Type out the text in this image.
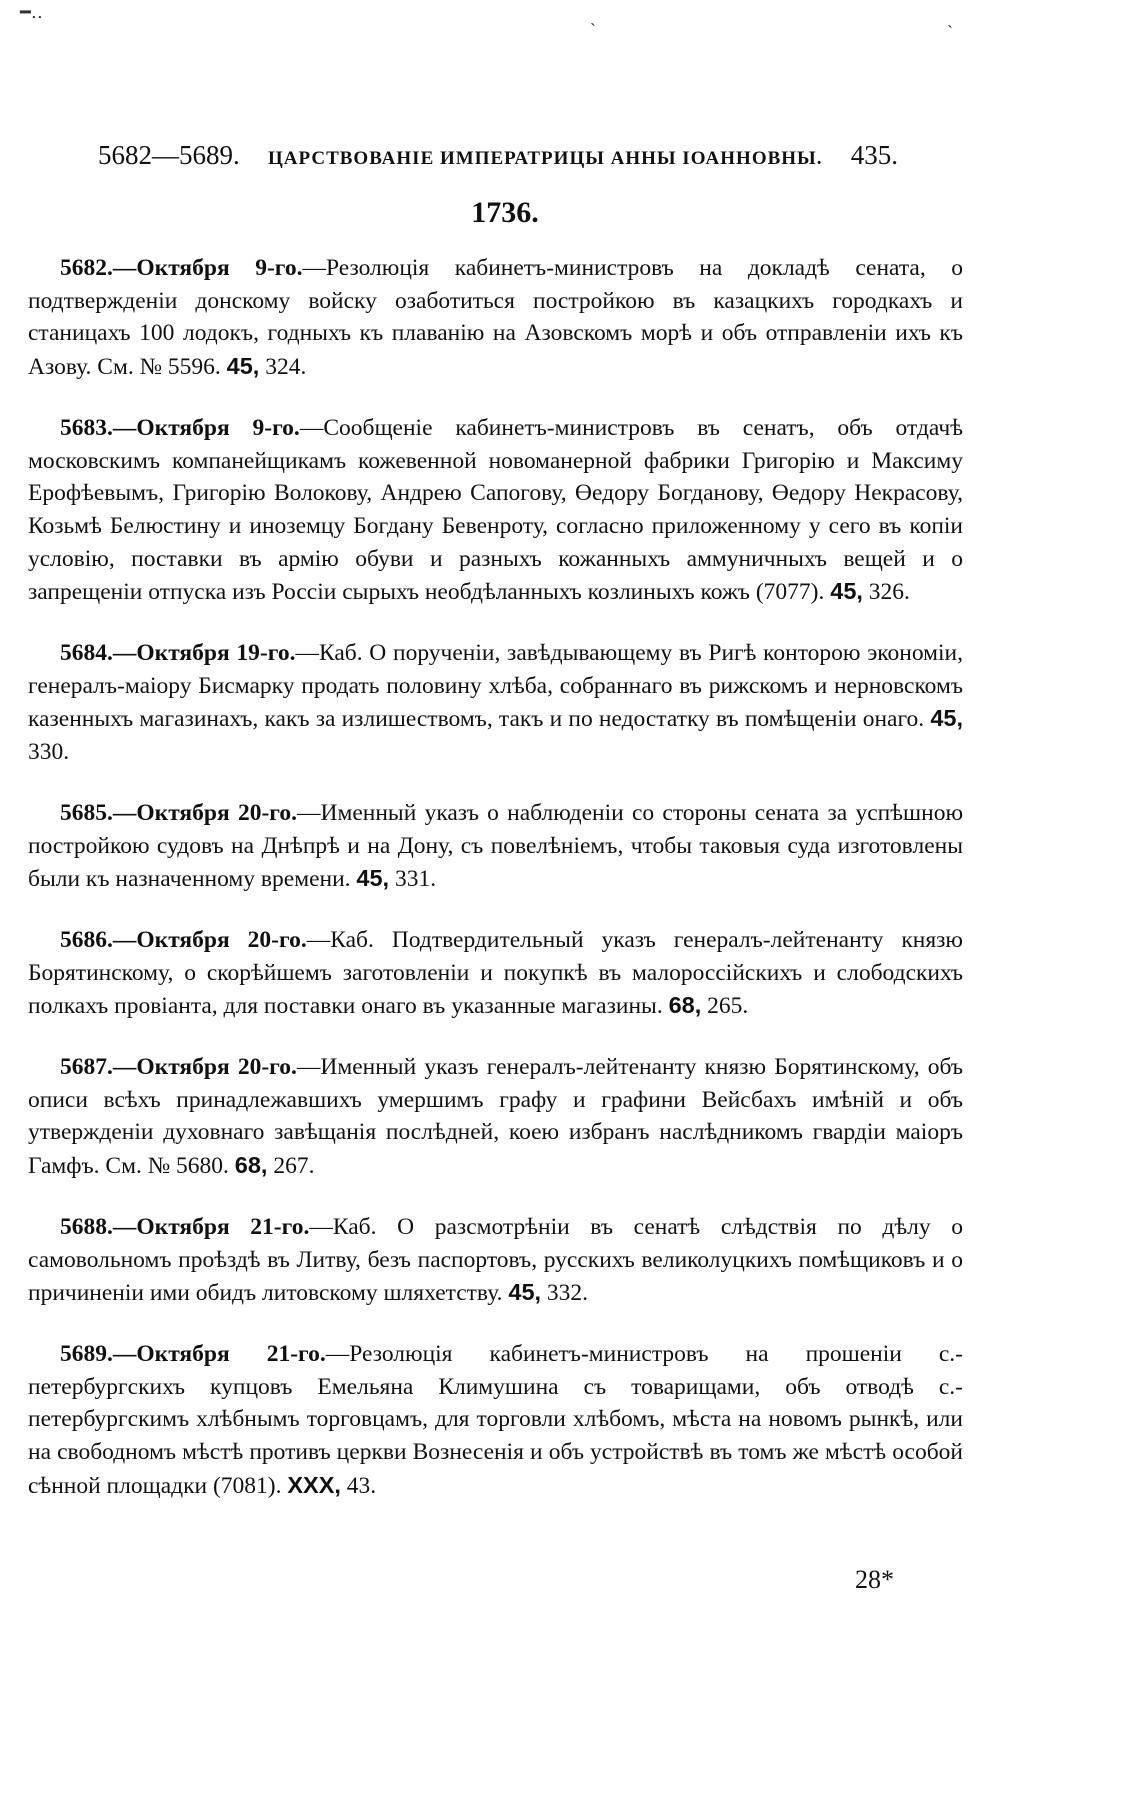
━‥	ˎ	ˎ
5682—5689. ЦАРСТВОВАНІЕ ИМПЕРАТРИЦЫ АННЫ ІОАННОВНЫ. 435.
1736.

5682.—Октября 9-го.—Резолюція кабинетъ-министровъ на докладѣ сената, о подтвержденіи донскому войску озаботиться постройкою въ казацкихъ городкахъ и станицахъ 100 лодокъ, годныхъ къ плаванію на Азовскомъ морѣ и объ отправленіи ихъ къ Азову. См. № 5596. 45, 324.

5683.—Октября 9-го.—Сообщеніе кабинетъ-министровъ въ сенатъ, объ отдачѣ московскимъ компанейщикамъ кожевенной новоманерной фабрики Григорію и Максиму Ерофѣевымъ, Григорію Волокову, Андрею Сапогову, Өедору Богданову, Өедору Некрасову, Козьмѣ Белюстину и иноземцу Богдану Бевенроту, согласно приложенному у сего въ копіи условію, поставки въ армію обуви и разныхъ кожанныхъ аммуничныхъ вещей и о запрещеніи отпуска изъ Россіи сырыхъ необдѣланныхъ козлиныхъ кожъ (7077). 45, 326.

5684.—Октября 19-го.—Каб. О порученіи, завѣдывающему въ Ригѣ конторою экономіи, генералъ-маіору Бисмарку продать половину хлѣба, собраннаго въ рижскомъ и нерновскомъ казенныхъ магазинахъ, какъ за излишествомъ, такъ и по недостатку въ помѣщеніи онаго. 45, 330.

5685.—Октября 20-го.—Именный указъ о наблюденіи со стороны сената за успѣшною постройкою судовъ на Днѣпрѣ и на Дону, съ повелѣніемъ, чтобы таковыя суда изготовлены были къ назначенному времени. 45, 331.

5686.—Октября 20-го.—Каб. Подтвердительный указъ генералъ-лейтенанту князю Борятинскому, о скорѣйшемъ заготовленіи и покупкѣ въ малороссійскихъ и слободскихъ полкахъ провіанта, для поставки онаго въ указанные магазины. 68, 265.

5687.—Октября 20-го.—Именный указъ генералъ-лейтенанту князю Борятинскому, объ описи всѣхъ принадлежавшихъ умершимъ графу и графини Вейсбахъ имѣній и объ утвержденіи духовнаго завѣщанія послѣдней, коею избранъ наслѣдникомъ гвардіи маіоръ Гамфъ. См. № 5680. 68, 267.

5688.—Октября 21-го.—Каб. О разсмотрѣніи въ сенатѣ слѣдствія по дѣлу о самовольномъ проѣздѣ въ Литву, безъ паспортовъ, русскихъ великолуцкихъ помѣщиковъ и о причиненіи ими обидъ литовскому шляхетству. 45, 332.

5689.—Октября 21-го.—Резолюція кабинетъ-министровъ на прошеніи с.-петербургскихъ купцовъ Емельяна Климушина съ товарищами, объ отводѣ с.-петербургскимъ хлѣбнымъ торговцамъ, для торговли хлѣбомъ, мѣста на новомъ рынкѣ, или на свободномъ мѣстѣ противъ церкви Вознесенія и объ устройствѣ въ томъ же мѣстѣ особой сѣнной площадки (7081). XXX, 43.

28*
